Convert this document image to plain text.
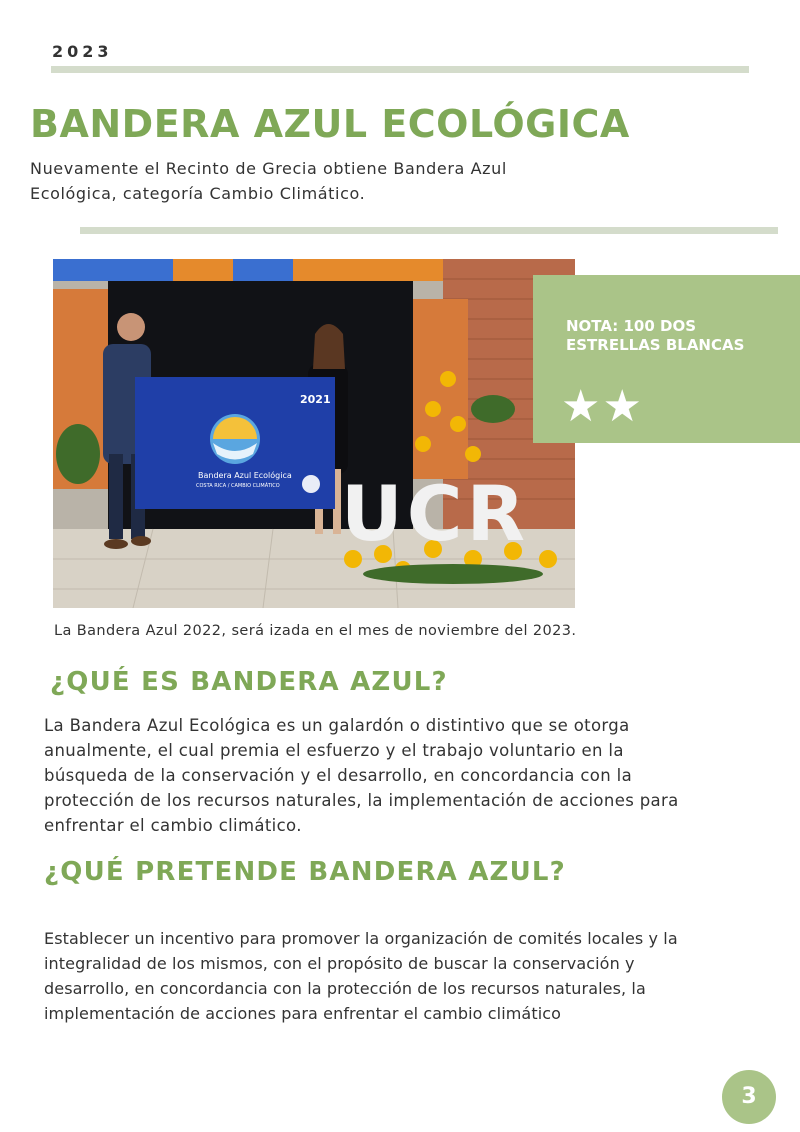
2023
BANDERA AZUL ECOLÓGICA
Nuevamente el Recinto de Grecia obtiene Bandera Azul Ecológica, categoría Cambio Climático.
2021
Bandera Azul Ecológica
COSTA RICA / CAMBIO CLIMÁTICO UCR
NOTA: 100 DOS ESTRELLAS BLANCAS
★★
La Bandera Azul 2022, será izada en el mes de noviembre del 2023.
¿QUÉ ES BANDERA AZUL?
La Bandera Azul Ecológica es un galardón o distintivo que se otorga anualmente, el cual premia el esfuerzo y el trabajo voluntario en la búsqueda de la conservación y el desarrollo, en concordancia con la protección de los recursos naturales, la implementación de acciones para enfrentar el cambio climático.
¿QUÉ PRETENDE BANDERA AZUL?
Establecer un incentivo para promover la organización de comités locales y la integralidad de los mismos, con el propósito de buscar la conservación y desarrollo, en concordancia con la protección de los recursos naturales, la implementación de acciones para enfrentar el cambio climático
3
